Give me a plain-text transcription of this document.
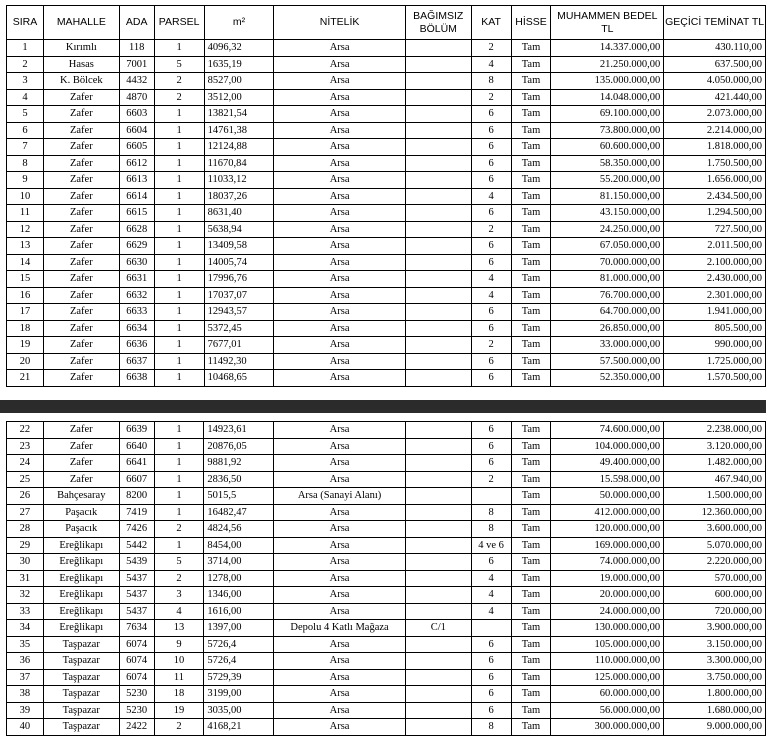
SIRA	MAHALLE	ADA	PARSEL	m²	NİTELİK	BAĞIMSIZ BÖLÜM	KAT	HİSSE	MUHAMMEN BEDEL TL	GEÇİCİ TEMİNAT TL
1	Kırımlı	118	1	4096,32	Arsa		2	Tam	14.337.000,00	430.110,00
2	Hasas	7001	5	1635,19	Arsa		4	Tam	21.250.000,00	637.500,00
3	K. Bölcek	4432	2	8527,00	Arsa		8	Tam	135.000.000,00	4.050.000,00
4	Zafer	4870	2	3512,00	Arsa		2	Tam	14.048.000,00	421.440,00
5	Zafer	6603	1	13821,54	Arsa		6	Tam	69.100.000,00	2.073.000,00
6	Zafer	6604	1	14761,38	Arsa		6	Tam	73.800.000,00	2.214.000,00
7	Zafer	6605	1	12124,88	Arsa		6	Tam	60.600.000,00	1.818.000,00
8	Zafer	6612	1	11670,84	Arsa		6	Tam	58.350.000,00	1.750.500,00
9	Zafer	6613	1	11033,12	Arsa		6	Tam	55.200.000,00	1.656.000,00
10	Zafer	6614	1	18037,26	Arsa		4	Tam	81.150.000,00	2.434.500,00
11	Zafer	6615	1	8631,40	Arsa		6	Tam	43.150.000,00	1.294.500,00
12	Zafer	6628	1	5638,94	Arsa		2	Tam	24.250.000,00	727.500,00
13	Zafer	6629	1	13409,58	Arsa		6	Tam	67.050.000,00	2.011.500,00
14	Zafer	6630	1	14005,74	Arsa		6	Tam	70.000.000,00	2.100.000,00
15	Zafer	6631	1	17996,76	Arsa		4	Tam	81.000.000,00	2.430.000,00
16	Zafer	6632	1	17037,07	Arsa		4	Tam	76.700.000,00	2.301.000,00
17	Zafer	6633	1	12943,57	Arsa		6	Tam	64.700.000,00	1.941.000,00
18	Zafer	6634	1	5372,45	Arsa		6	Tam	26.850.000,00	805.500,00
19	Zafer	6636	1	7677,01	Arsa		2	Tam	33.000.000,00	990.000,00
20	Zafer	6637	1	11492,30	Arsa		6	Tam	57.500.000,00	1.725.000,00
21	Zafer	6638	1	10468,65	Arsa		6	Tam	52.350.000,00	1.570.500,00
22	Zafer	6639	1	14923,61	Arsa		6	Tam	74.600.000,00	2.238.000,00
23	Zafer	6640	1	20876,05	Arsa		6	Tam	104.000.000,00	3.120.000,00
24	Zafer	6641	1	9881,92	Arsa		6	Tam	49.400.000,00	1.482.000,00
25	Zafer	6607	1	2836,50	Arsa		2	Tam	15.598.000,00	467.940,00
26	Bahçesaray	8200	1	5015,5	Arsa (Sanayi Alanı)			Tam	50.000.000,00	1.500.000,00
27	Paşacık	7419	1	16482,47	Arsa		8	Tam	412.000.000,00	12.360.000,00
28	Paşacık	7426	2	4824,56	Arsa		8	Tam	120.000.000,00	3.600.000,00
29	Ereğlikapı	5442	1	8454,00	Arsa		4 ve 6	Tam	169.000.000,00	5.070.000,00
30	Ereğlikapı	5439	5	3714,00	Arsa		6	Tam	74.000.000,00	2.220.000,00
31	Ereğlikapı	5437	2	1278,00	Arsa		4	Tam	19.000.000,00	570.000,00
32	Ereğlikapı	5437	3	1346,00	Arsa		4	Tam	20.000.000,00	600.000,00
33	Ereğlikapı	5437	4	1616,00	Arsa		4	Tam	24.000.000,00	720.000,00
34	Ereğlikapı	7634	13	1397,00	Depolu 4 Katlı Mağaza	C/1		Tam	130.000.000,00	3.900.000,00
35	Taşpazar	6074	9	5726,4	Arsa		6	Tam	105.000.000,00	3.150.000,00
36	Taşpazar	6074	10	5726,4	Arsa		6	Tam	110.000.000,00	3.300.000,00
37	Taşpazar	6074	11	5729,39	Arsa		6	Tam	125.000.000,00	3.750.000,00
38	Taşpazar	5230	18	3199,00	Arsa		6	Tam	60.000.000,00	1.800.000,00
39	Taşpazar	5230	19	3035,00	Arsa		6	Tam	56.000.000,00	1.680.000,00
40	Taşpazar	2422	2	4168,21	Arsa		8	Tam	300.000.000,00	9.000.000,00
